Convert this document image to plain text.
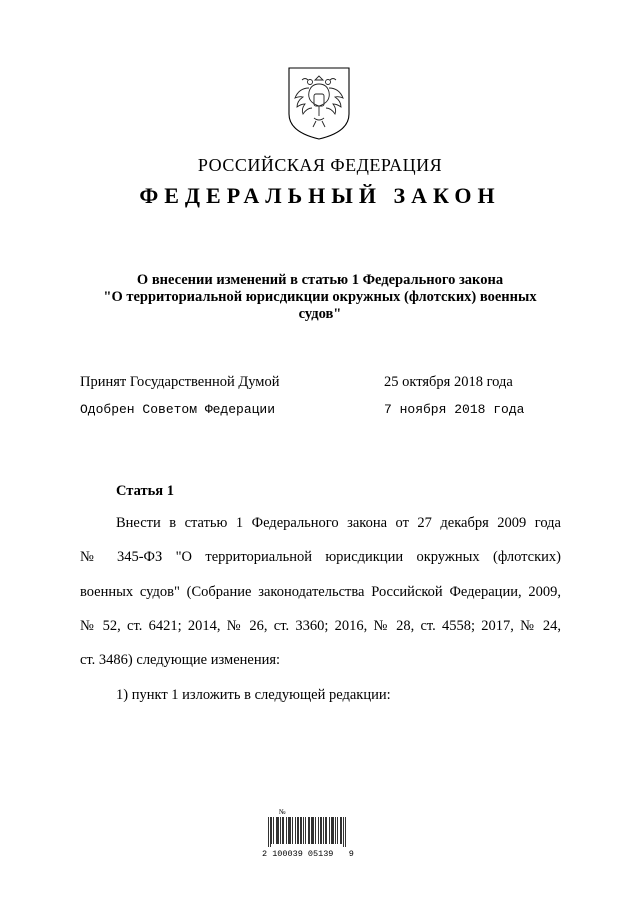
РОССИЙСКАЯ ФЕДЕРАЦИЯ
ФЕДЕРАЛЬНЫЙ ЗАКОН
О внесении изменений в статью 1 Федерального закона
"О территориальной юрисдикции окружных (флотских) военных
судов"
Принят Государственной Думой	25 октября 2018 года
Одобрен Советом Федерации	7 ноября 2018 года
Статья 1
Внести в статью 1 Федерального закона от 27 декабря 2009 года
№ 345-ФЗ "О территориальной юрисдикции окружных (флотских)
военных судов" (Собрание законодательства Российской Федерации, 2009,
№ 52, ст. 6421; 2014, № 26, ст. 3360; 2016, № 28, ст. 4558; 2017, № 24,
ст. 3486) следующие изменения:
1) пункт 1 изложить в следующей редакции:
№
2 100039 05139   9
